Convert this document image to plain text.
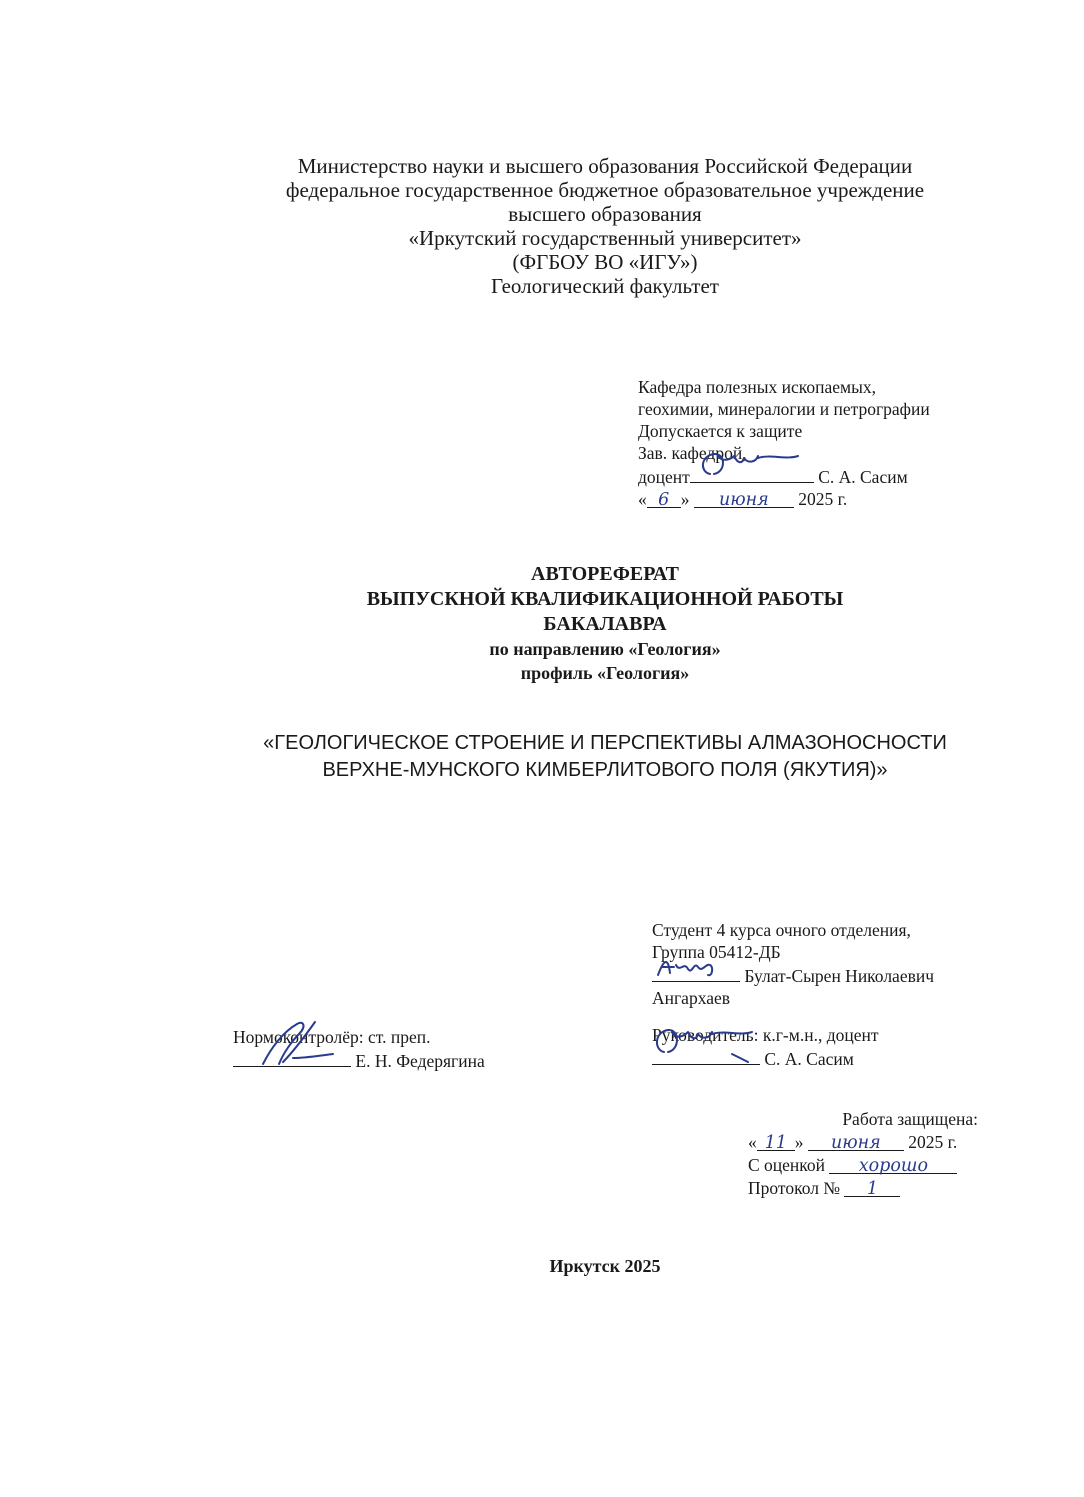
Министерство науки и высшего образования Российской Федерации
федеральное государственное бюджетное образовательное учреждение
высшего образования
«Иркутский государственный университет»
(ФГБОУ ВО «ИГУ»)
Геологический факультет
Кафедра полезных ископаемых,
геохимии, минералогии и петрографии
Допускается к защите
Зав. кафедрой,
доцент	С. А. Сасим
« 6 » июня 2025 г.
АВТОРЕФЕРАТ
ВЫПУСКНОЙ КВАЛИФИКАЦИОННОЙ РАБОТЫ
БАКАЛАВРА
по направлению «Геология»
профиль «Геология»
«ГЕОЛОГИЧЕСКОЕ СТРОЕНИЕ И ПЕРСПЕКТИВЫ АЛМАЗОНОСНОСТИ
ВЕРХНЕ-МУНСКОГО КИМБЕРЛИТОВОГО ПОЛЯ (ЯКУТИЯ)»
Студент 4 курса очного отделения,
Группа 05412-ДБ
Булат-Сырен Николаевич
Ангархаев
Нормоконтролёр: ст. преп.
Е. Н. Федерягина
Руководитель: к.г-м.н., доцент
С. А. Сасим
Работа защищена:
« 11 » июня 2025 г.
С оценкой хорошо
Протокол № 1
Иркутск 2025
